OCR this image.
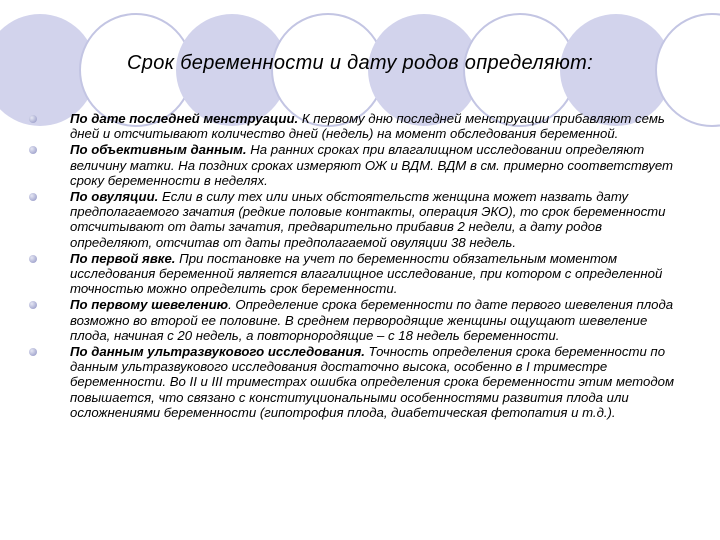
Срок беременности и дату родов определяют:
По дате последней менструации. К первому дню последней менструации прибавляют семь дней и отсчитывают количество дней (недель) на момент обследования беременной.
По объективным данным. На ранних сроках при влагалищном исследовании определяют величину матки. На поздних сроках измеряют ОЖ и ВДМ. ВДМ в см. примерно соответствует сроку беременности в неделях.
По овуляции. Если в силу тех или иных обстоятельств женщина может назвать дату предполагаемого зачатия (редкие половые контакты, операция ЭКО), то срок беременности отсчитывают от даты зачатия, предварительно прибавив 2 недели, а дату родов определяют, отсчитав от даты предполагаемой овуляции 38 недель.
По первой явке. При постановке на учет по беременности обязательным моментом исследования беременной является влагалищное исследование, при котором с определенной точностью можно определить срок беременности.
По первому шевелению. Определение срока беременности по дате первого шевеления плода возможно во второй ее половине. В среднем первородящие женщины ощущают шевеление плода, начиная с 20 недель, а повторнородящие – с 18 недель беременности.
По данным ультразвукового исследования. Точность определения срока беременности по данным ультразвукового исследования достаточно высока, особенно в I триместре беременности. Во II и III триместрах ошибка определения срока беременности этим методом повышается, что связано с конституциональными особенностями развития плода или осложнениями беременности (гипотрофия плода, диабетическая фетопатия и т.д.).
